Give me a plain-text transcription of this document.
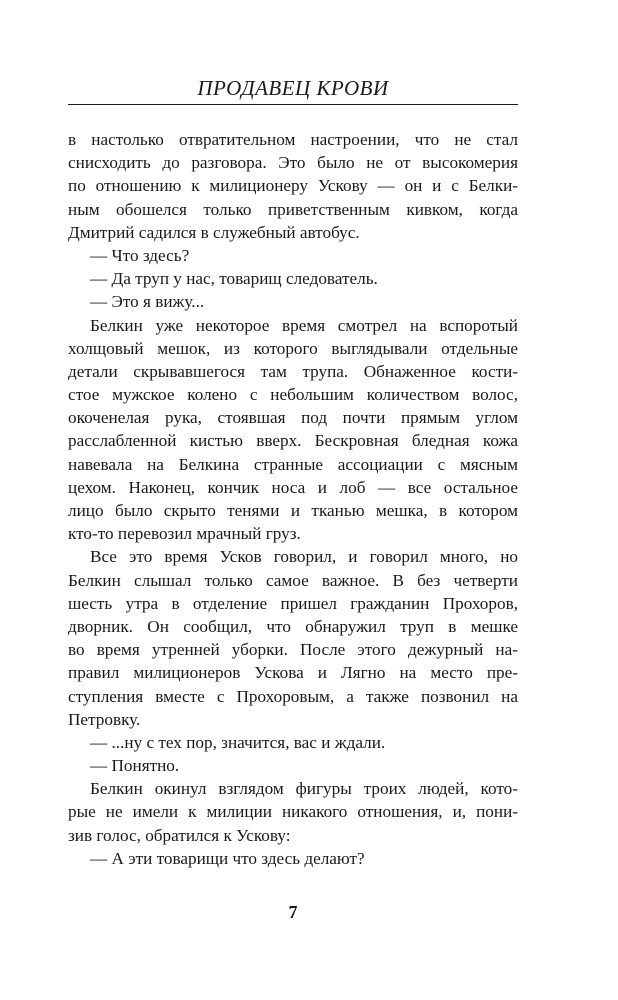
ПРОДАВЕЦ КРОВИ
в настолько отвратительном настроении, что не стал
снисходить до разговора. Это было не от высокомерия
по отношению к милиционеру Ускову — он и с Белки-
ным обошелся только приветственным кивком, когда
Дмитрий садился в служебный автобус.
— Что здесь?
— Да труп у нас, товарищ следователь.
— Это я вижу...
Белкин уже некоторое время смотрел на вспоротый
холщовый мешок, из которого выглядывали отдельные
детали скрывавшегося там трупа. Обнаженное кости-
стое мужское колено с небольшим количеством волос,
окоченелая рука, стоявшая под почти прямым углом
расслабленной кистью вверх. Бескровная бледная кожа
навевала на Белкина странные ассоциации с мясным
цехом. Наконец, кончик носа и лоб — все остальное
лицо было скрыто тенями и тканью мешка, в котором
кто-то перевозил мрачный груз.
Все это время Усков говорил, и говорил много, но
Белкин слышал только самое важное. В без четверти
шесть утра в отделение пришел гражданин Прохоров,
дворник. Он сообщил, что обнаружил труп в мешке
во время утренней уборки. После этого дежурный на-
правил милиционеров Ускова и Лягно на место пре-
ступления вместе с Прохоровым, а также позвонил на
Петровку.
— ...ну с тех пор, значится, вас и ждали.
— Понятно.
Белкин окинул взглядом фигуры троих людей, кото-
рые не имели к милиции никакого отношения, и, пони-
зив голос, обратился к Ускову:
— А эти товарищи что здесь делают?
7
